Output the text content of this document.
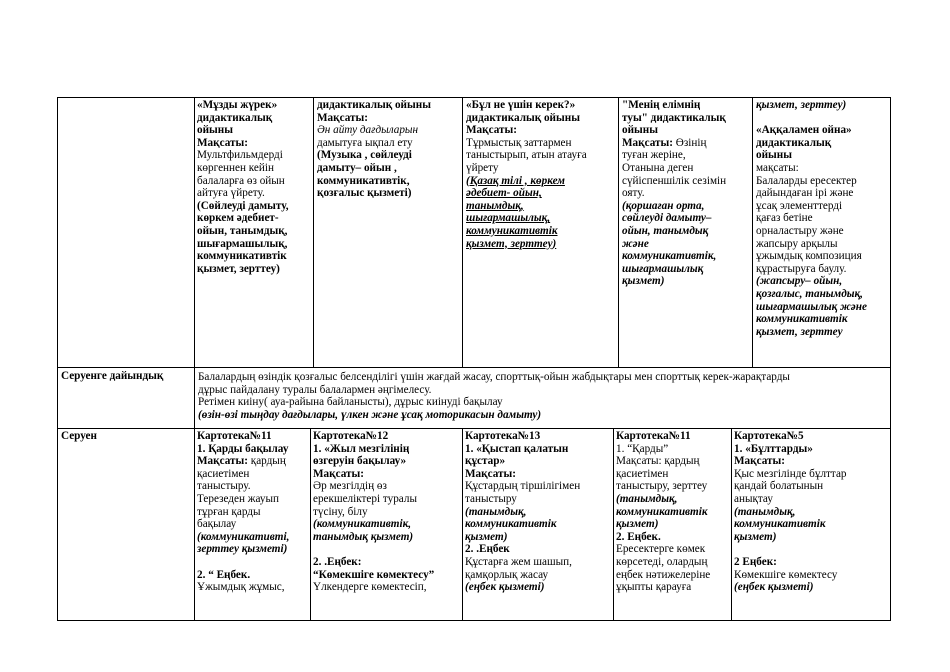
«Мұзды жүрек»
дидактикалық
ойыны
Мақсаты:
Мультфильмдерді
көргеннен кейін
балаларға өз ойын
айтуға үйрету.
(Сөйлеуді дамыту,
көркем әдебиет-
ойын, танымдық,
шығармашылық,
коммуникативтік
қызмет, зерттеу)
дидактикалық ойыны
Мақсаты:
Ән айту дағдыларын
дамытуға ықпал ету
(Музыка , сөйлеуді
дамыту– ойын ,
коммуникативтік,
қозғалыс қызметі)
«Бұл не үшін керек?»
дидактикалық ойыны
Мақсаты:
Тұрмыстық заттармен
таныстырып, атын атауға
үйрету
(Қазақ тілі , көркем
әдебиет- ойын,
танымдық,
шығармашылық,
коммуникативтік
қызмет, зерттеу)
"Менің елімнің
туы" дидактикалық
ойыны
Мақсаты: Өзінің
туған жеріне,
Отанына деген
сүйіспеншілік сезімін
ояту.
(қоршаған орта,
сөйлеуді дамыту–
ойын, танымдық
және
коммуникативтік,
шығармашылық
қызмет)
қызмет, зерттеу)

«Аққаламен ойна»
дидактикалық
ойыны
мақсаты:
Балаларды ересектер
дайындаған ірі және
ұсақ элементтерді
қағаз бетіне
орналастыру және
жапсыру арқылы
ұжымдық композиция
құрастыруға баулу.
(жапсыру– ойын,
қозғалыс, танымдық,
шығармашылық және
коммуникативтік
қызмет, зерттеу
Серуенге дайындық	Балалардың өзіндік қозғалыс белсенділігі үшін жағдай жасау, спорттық-ойын жабдықтары мен спорттық керек-жарақтарды
дұрыс пайдалану туралы балалармен әңгімелесу.
Ретімен киіну( ауа-райына байланысты), дұрыс киінуді бақылау
(өзін-өзі тыңдау дағдылары, үлкен және ұсақ моторикасын дамыту)
Серуен	Картотека№11
1. Қарды бақылау
Мақсаты: қардың
қасиетімен
таныстыру.
Терезеден жауып
тұрған қарды
бақылау
(коммуникативті,
зерттеу қызметі)

2. “ Еңбек.
Ұжымдық жұмыс,
Картотека№12
1. «Жыл мезгілінің
өзгеруін бақылау»
Мақсаты:
Әр мезгілдің өз
ерекшеліктері туралы
түсіну, білу
(коммуникативтік,
танымдық қызмет)

2. .Еңбек:
“Көмекшіге көмектесу”
Үлкендерге көмектесіп,
Картотека№13
1. «Қыстап қалатын
құстар»
Мақсаты:
Құстардың тіршілігімен
таныстыру
(танымдық,
коммуникативтік
қызмет)
2. .Еңбек
Құстарға жем шашып,
қамқорлық жасау
(еңбек қызметі)
Картотека№11
1. “Қарды”
Мақсаты: қардың
қасиетімен
таныстыру, зерттеу
(танымдық,
коммуникативтік
қызмет)
2. Еңбек.
Ересектерге көмек
көрсетеді, олардың
еңбек нәтижелеріне
ұқыпты қарауға
Картотека№5
1. «Бұлттарды»
Мақсаты:
Қыс мезгілінде бұлттар
қандай болатынын
анықтау
(танымдық,
коммуникативтік
қызмет)

2 Еңбек:
Көмекшіге көмектесу
(еңбек қызметі)
